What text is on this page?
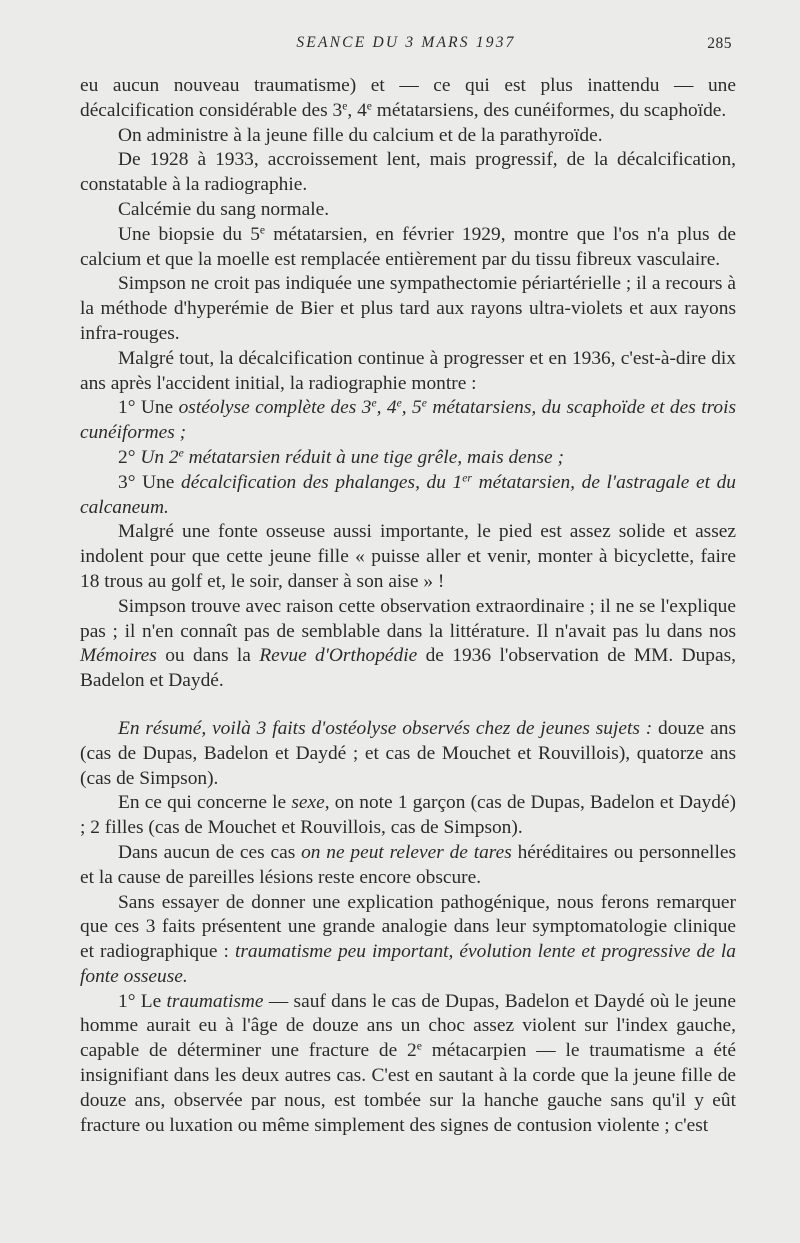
SEANCE DU 3 MARS 1937	285

eu aucun nouveau traumatisme) et — ce qui est plus inattendu — une décalcification considérable des 3e, 4e métatarsiens, des cunéiformes, du scaphoïde.

On administre à la jeune fille du calcium et de la parathyroïde.

De 1928 à 1933, accroissement lent, mais progressif, de la décalcification, constatable à la radiographie.

Calcémie du sang normale.

Une biopsie du 5e métatarsien, en février 1929, montre que l'os n'a plus de calcium et que la moelle est remplacée entièrement par du tissu fibreux vasculaire.

Simpson ne croit pas indiquée une sympathectomie périartérielle ; il a recours à la méthode d'hyperémie de Bier et plus tard aux rayons ultra-violets et aux rayons infra-rouges.

Malgré tout, la décalcification continue à progresser et en 1936, c'est-à-dire dix ans après l'accident initial, la radiographie montre :

1° Une ostéolyse complète des 3e, 4e, 5e métatarsiens, du scaphoïde et des trois cunéiformes ;

2° Un 2e métatarsien réduit à une tige grêle, mais dense ;

3° Une décalcification des phalanges, du 1er métatarsien, de l'astragale et du calcaneum.

Malgré une fonte osseuse aussi importante, le pied est assez solide et assez indolent pour que cette jeune fille « puisse aller et venir, monter à bicyclette, faire 18 trous au golf et, le soir, danser à son aise » !

Simpson trouve avec raison cette observation extraordinaire ; il ne se l'explique pas ; il n'en connaît pas de semblable dans la littérature. Il n'avait pas lu dans nos Mémoires ou dans la Revue d'Orthopédie de 1936 l'observation de MM. Dupas, Badelon et Daydé.

En résumé, voilà 3 faits d'ostéolyse observés chez de jeunes sujets : douze ans (cas de Dupas, Badelon et Daydé ; et cas de Mouchet et Rouvillois), quatorze ans (cas de Simpson).

En ce qui concerne le sexe, on note 1 garçon (cas de Dupas, Badelon et Daydé) ; 2 filles (cas de Mouchet et Rouvillois, cas de Simpson).

Dans aucun de ces cas on ne peut relever de tares héréditaires ou personnelles et la cause de pareilles lésions reste encore obscure.

Sans essayer de donner une explication pathogénique, nous ferons remarquer que ces 3 faits présentent une grande analogie dans leur symptomatologie clinique et radiographique : traumatisme peu important, évolution lente et progressive de la fonte osseuse.

1° Le traumatisme — sauf dans le cas de Dupas, Badelon et Daydé où le jeune homme aurait eu à l'âge de douze ans un choc assez violent sur l'index gauche, capable de déterminer une fracture de 2e métacarpien — le traumatisme a été insignifiant dans les deux autres cas. C'est en sautant à la corde que la jeune fille de douze ans, observée par nous, est tombée sur la hanche gauche sans qu'il y eût fracture ou luxation ou même simplement des signes de contusion violente ; c'est
